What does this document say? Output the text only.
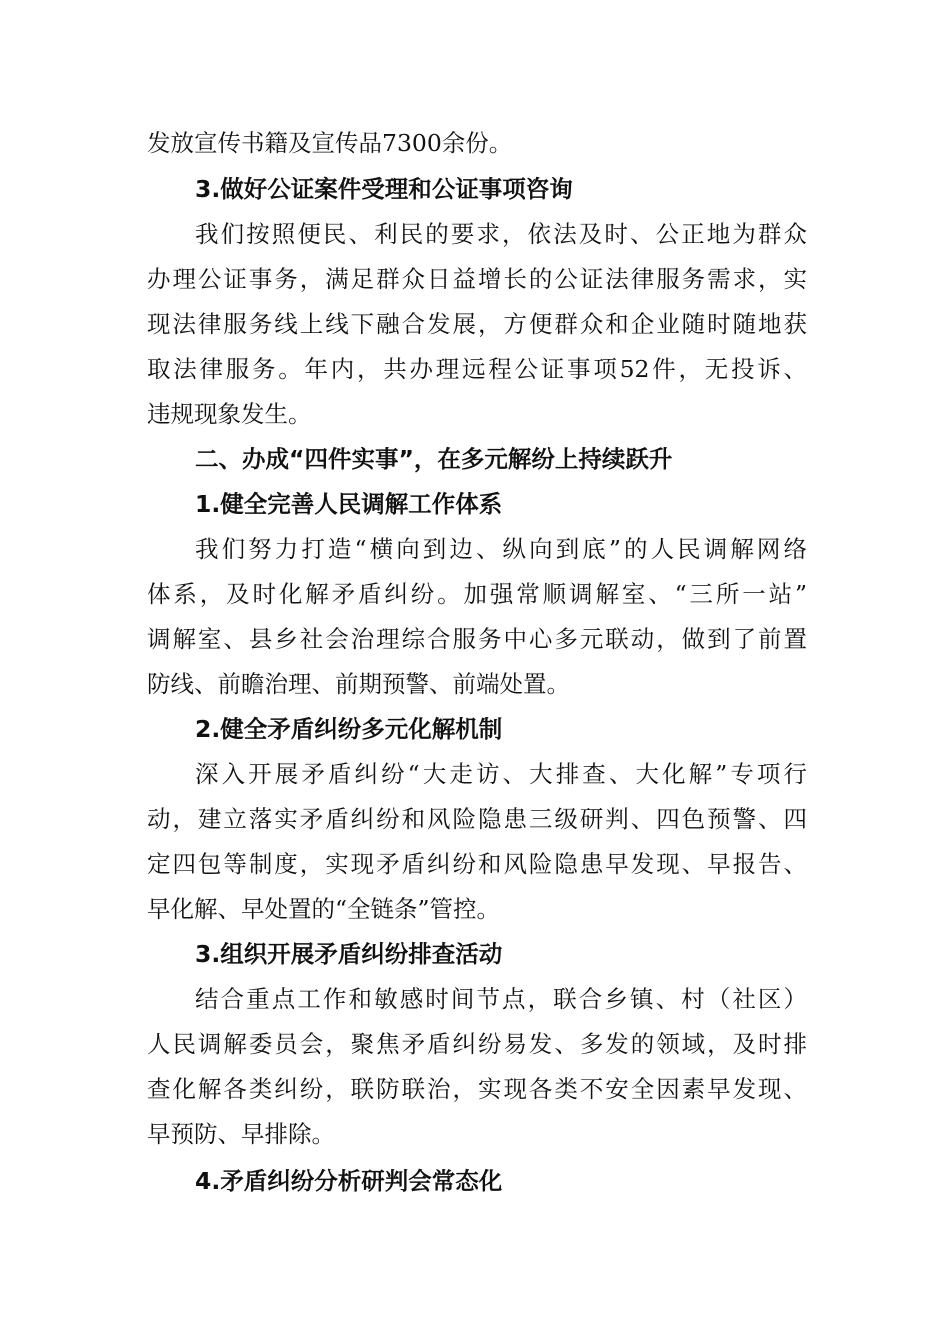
发放宣传书籍及宣传品7300余份。
3.做好公证案件受理和公证事项咨询
我们按照便民、利民的要求，依法及时、公正地为群众
办理公证事务，满足群众日益增长的公证法律服务需求，实
现法律服务线上线下融合发展，方便群众和企业随时随地获
取法律服务。年内，共办理远程公证事项52件，无投诉、
违规现象发生。
二、办成“四件实事”，在多元解纷上持续跃升
1.健全完善人民调解工作体系
我们努力打造“横向到边、纵向到底”的人民调解网络
体系，及时化解矛盾纠纷。加强常顺调解室、“三所一站”
调解室、县乡社会治理综合服务中心多元联动，做到了前置
防线、前瞻治理、前期预警、前端处置。
2.健全矛盾纠纷多元化解机制
深入开展矛盾纠纷“大走访、大排查、大化解”专项行
动，建立落实矛盾纠纷和风险隐患三级研判、四色预警、四
定四包等制度，实现矛盾纠纷和风险隐患早发现、早报告、
早化解、早处置的“全链条”管控。
3.组织开展矛盾纠纷排查活动
结合重点工作和敏感时间节点，联合乡镇、村（社区）
人民调解委员会，聚焦矛盾纠纷易发、多发的领域，及时排
查化解各类纠纷，联防联治，实现各类不安全因素早发现、
早预防、早排除。
4.矛盾纠纷分析研判会常态化
